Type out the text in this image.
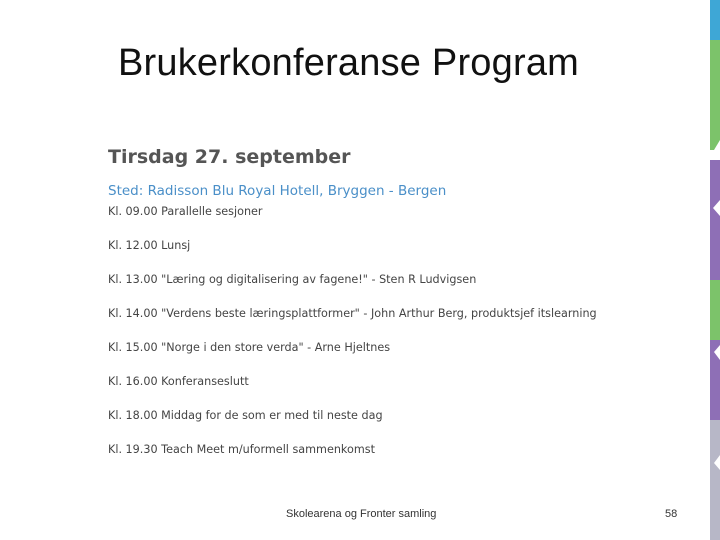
Brukerkonferanse Program
Tirsdag 27. september

Sted: Radisson Blu Royal Hotell, Bryggen - Bergen

Kl. 09.00 Parallelle sesjoner
Kl. 12.00 Lunsj
Kl. 13.00 "Læring og digitalisering av fagene!" - Sten R Ludvigsen
Kl. 14.00 "Verdens beste læringsplattformer" - John Arthur Berg, produktsjef itslearning
Kl. 15.00 "Norge i den store verda" - Arne Hjeltnes
Kl. 16.00 Konferanseslutt
Kl. 18.00 Middag for de som er med til neste dag
Kl. 19.30 Teach Meet m/uformell sammenkomst
Skolearena og Fronter samling	58
